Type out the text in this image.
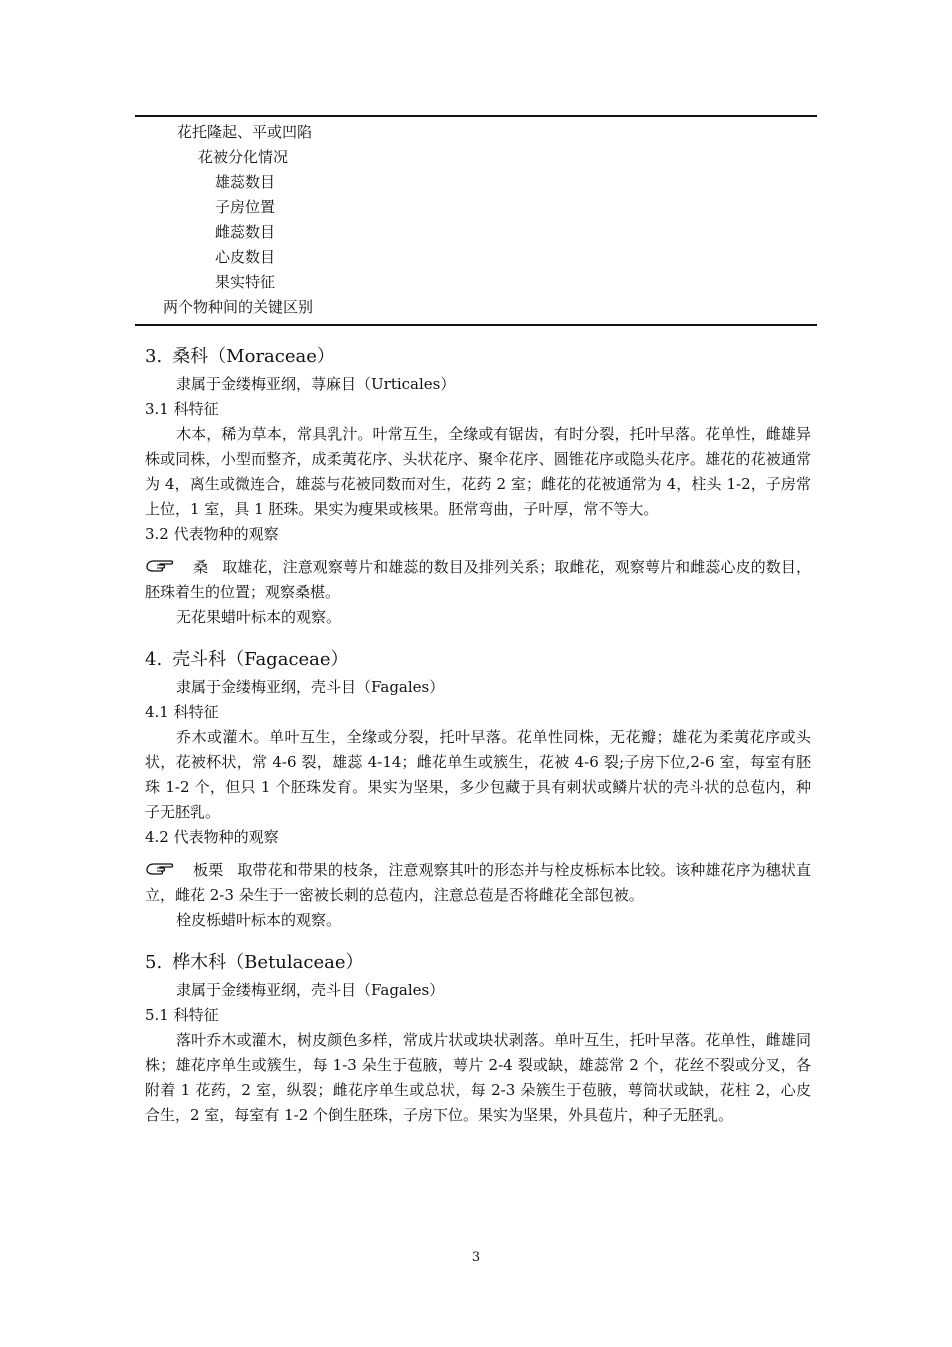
花托隆起、平或凹陷
花被分化情况
雄蕊数目
子房位置
雌蕊数目
心皮数目
果实特征
两个物种间的关键区别
3. 桑科（Moraceae）
隶属于金缕梅亚纲，荨麻目（Urticales）
3.1 科特征
木本，稀为草本，常具乳汁。叶常互生，全缘或有锯齿，有时分裂，托叶早落。花单性，雌雄异株或同株，小型而整齐，成柔荑花序、头状花序、聚伞花序、圆锥花序或隐头花序。雄花的花被通常为 4，离生或微连合，雄蕊与花被同数而对生，花药 2 室；雌花的花被通常为 4，柱头 1-2，子房常上位，1 室，具 1 胚珠。果实为瘦果或核果。胚常弯曲，子叶厚，常不等大。
3.2 代表物种的观察
桑 取雄花，注意观察萼片和雄蕊的数目及排列关系；取雌花，观察萼片和雌蕊心皮的数目，胚珠着生的位置；观察桑椹。
无花果蜡叶标本的观察。
4. 壳斗科（Fagaceae）
隶属于金缕梅亚纲，壳斗目（Fagales）
4.1 科特征
乔木或灌木。单叶互生，全缘或分裂，托叶早落。花单性同株，无花瓣；雄花为柔荑花序或头状，花被杯状，常 4-6 裂，雄蕊 4-14；雌花单生或簇生，花被 4-6 裂;子房下位,2-6 室，每室有胚珠 1-2 个，但只 1 个胚珠发育。果实为坚果，多少包藏于具有刺状或鳞片状的壳斗状的总苞内，种子无胚乳。
4.2 代表物种的观察
板栗 取带花和带果的枝条，注意观察其叶的形态并与栓皮栎标本比较。该种雄花序为穗状直立，雌花 2-3 朵生于一密被长刺的总苞内，注意总苞是否将雌花全部包被。
栓皮栎蜡叶标本的观察。
5. 桦木科（Betulaceae）
隶属于金缕梅亚纲，壳斗目（Fagales）
5.1 科特征
落叶乔木或灌木，树皮颜色多样，常成片状或块状剥落。单叶互生，托叶早落。花单性，雌雄同株；雄花序单生或簇生，每 1-3 朵生于苞腋，萼片 2-4 裂或缺，雄蕊常 2 个，花丝不裂或分叉，各附着 1 花药，2 室，纵裂；雌花序单生或总状，每 2-3 朵簇生于苞腋，萼筒状或缺，花柱 2，心皮合生，2 室，每室有 1-2 个倒生胚珠，子房下位。果实为坚果，外具苞片，种子无胚乳。
3
